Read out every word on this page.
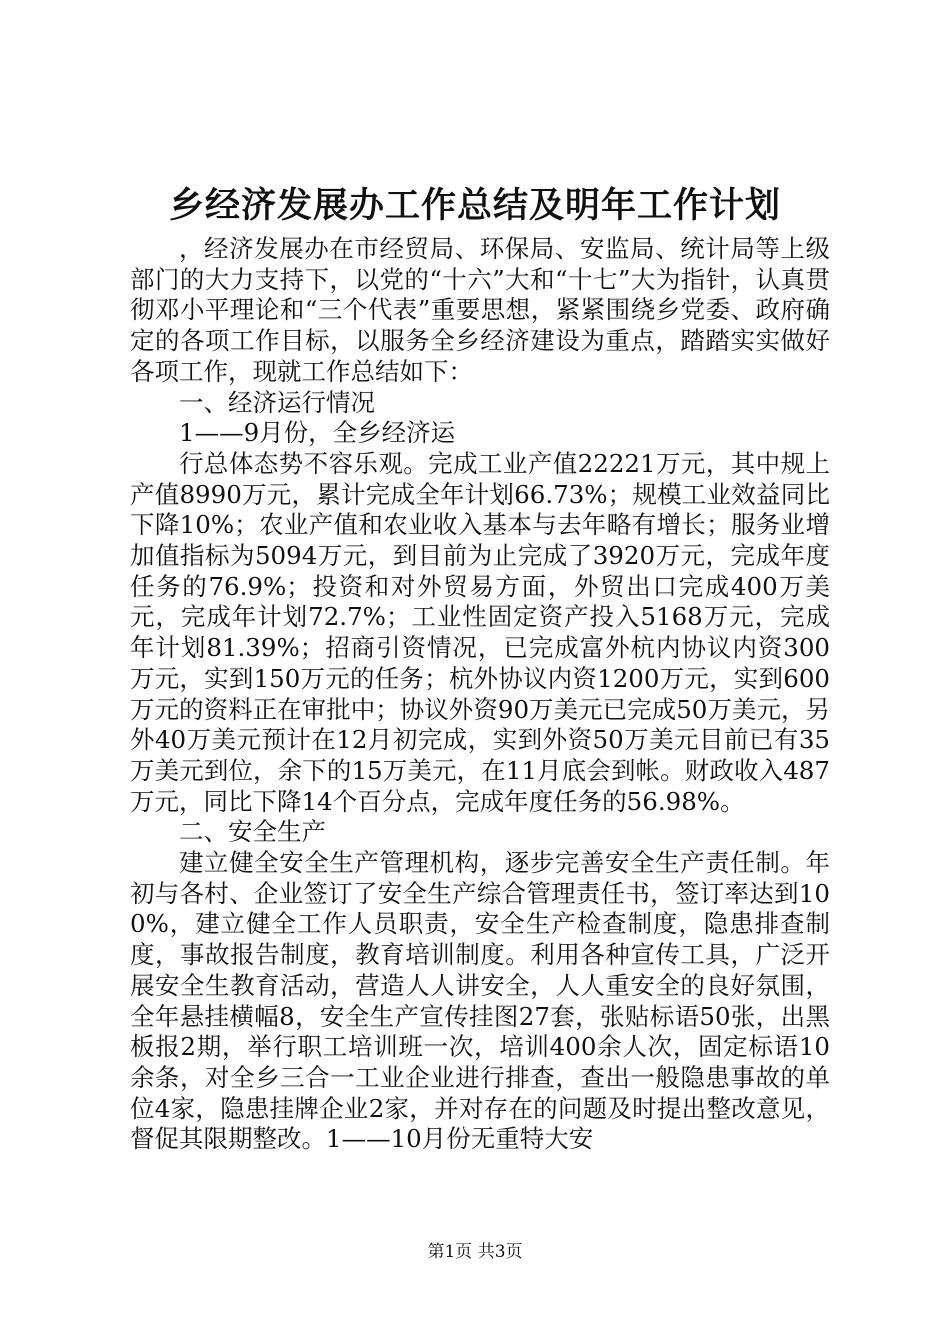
乡经济发展办工作总结及明年工作计划

，经济发展办在市经贸局、环保局、安监局、统计局等上级部门的大力支持下，以党的“十六”大和“十七”大为指针，认真贯彻邓小平理论和“三个代表”重要思想，紧紧围绕乡党委、政府确定的各项工作目标，以服务全乡经济建设为重点，踏踏实实做好各项工作，现就工作总结如下：

一、经济运行情况

1——9月份，全乡经济运

行总体态势不容乐观。完成工业产值22221万元，其中规上产值8990万元，累计完成全年计划66.73%；规模工业效益同比下降10%；农业产值和农业收入基本与去年略有增长；服务业增加值指标为5094万元，到目前为止完成了3920万元，完成年度任务的76.9%；投资和对外贸易方面，外贸出口完成400万美元，完成年计划72.7%；工业性固定资产投入5168万元，完成年计划81.39%；招商引资情况，已完成富外杭内协议内资300万元，实到150万元的任务；杭外协议内资1200万元，实到600万元的资料正在审批中；协议外资90万美元已完成50万美元，另外40万美元预计在12月初完成，实到外资50万美元目前已有35万美元到位，余下的15万美元，在11月底会到帐。财政收入487万元，同比下降14个百分点，完成年度任务的56.98%。

二、安全生产

建立健全安全生产管理机构，逐步完善安全生产责任制。年初与各村、企业签订了安全生产综合管理责任书，签订率达到100%，建立健全工作人员职责，安全生产检查制度，隐患排查制度，事故报告制度，教育培训制度。利用各种宣传工具，广泛开展安全生教育活动，营造人人讲安全，人人重安全的良好氛围，全年悬挂横幅8，安全生产宣传挂图27套，张贴标语50张，出黑板报2期，举行职工培训班一次，培训400余人次，固定标语10余条，对全乡三合一工业企业进行排查，查出一般隐患事故的单位4家，隐患挂牌企业2家，并对存在的问题及时提出整改意见，督促其限期整改。1——10月份无重特大安

第1页 共3页
